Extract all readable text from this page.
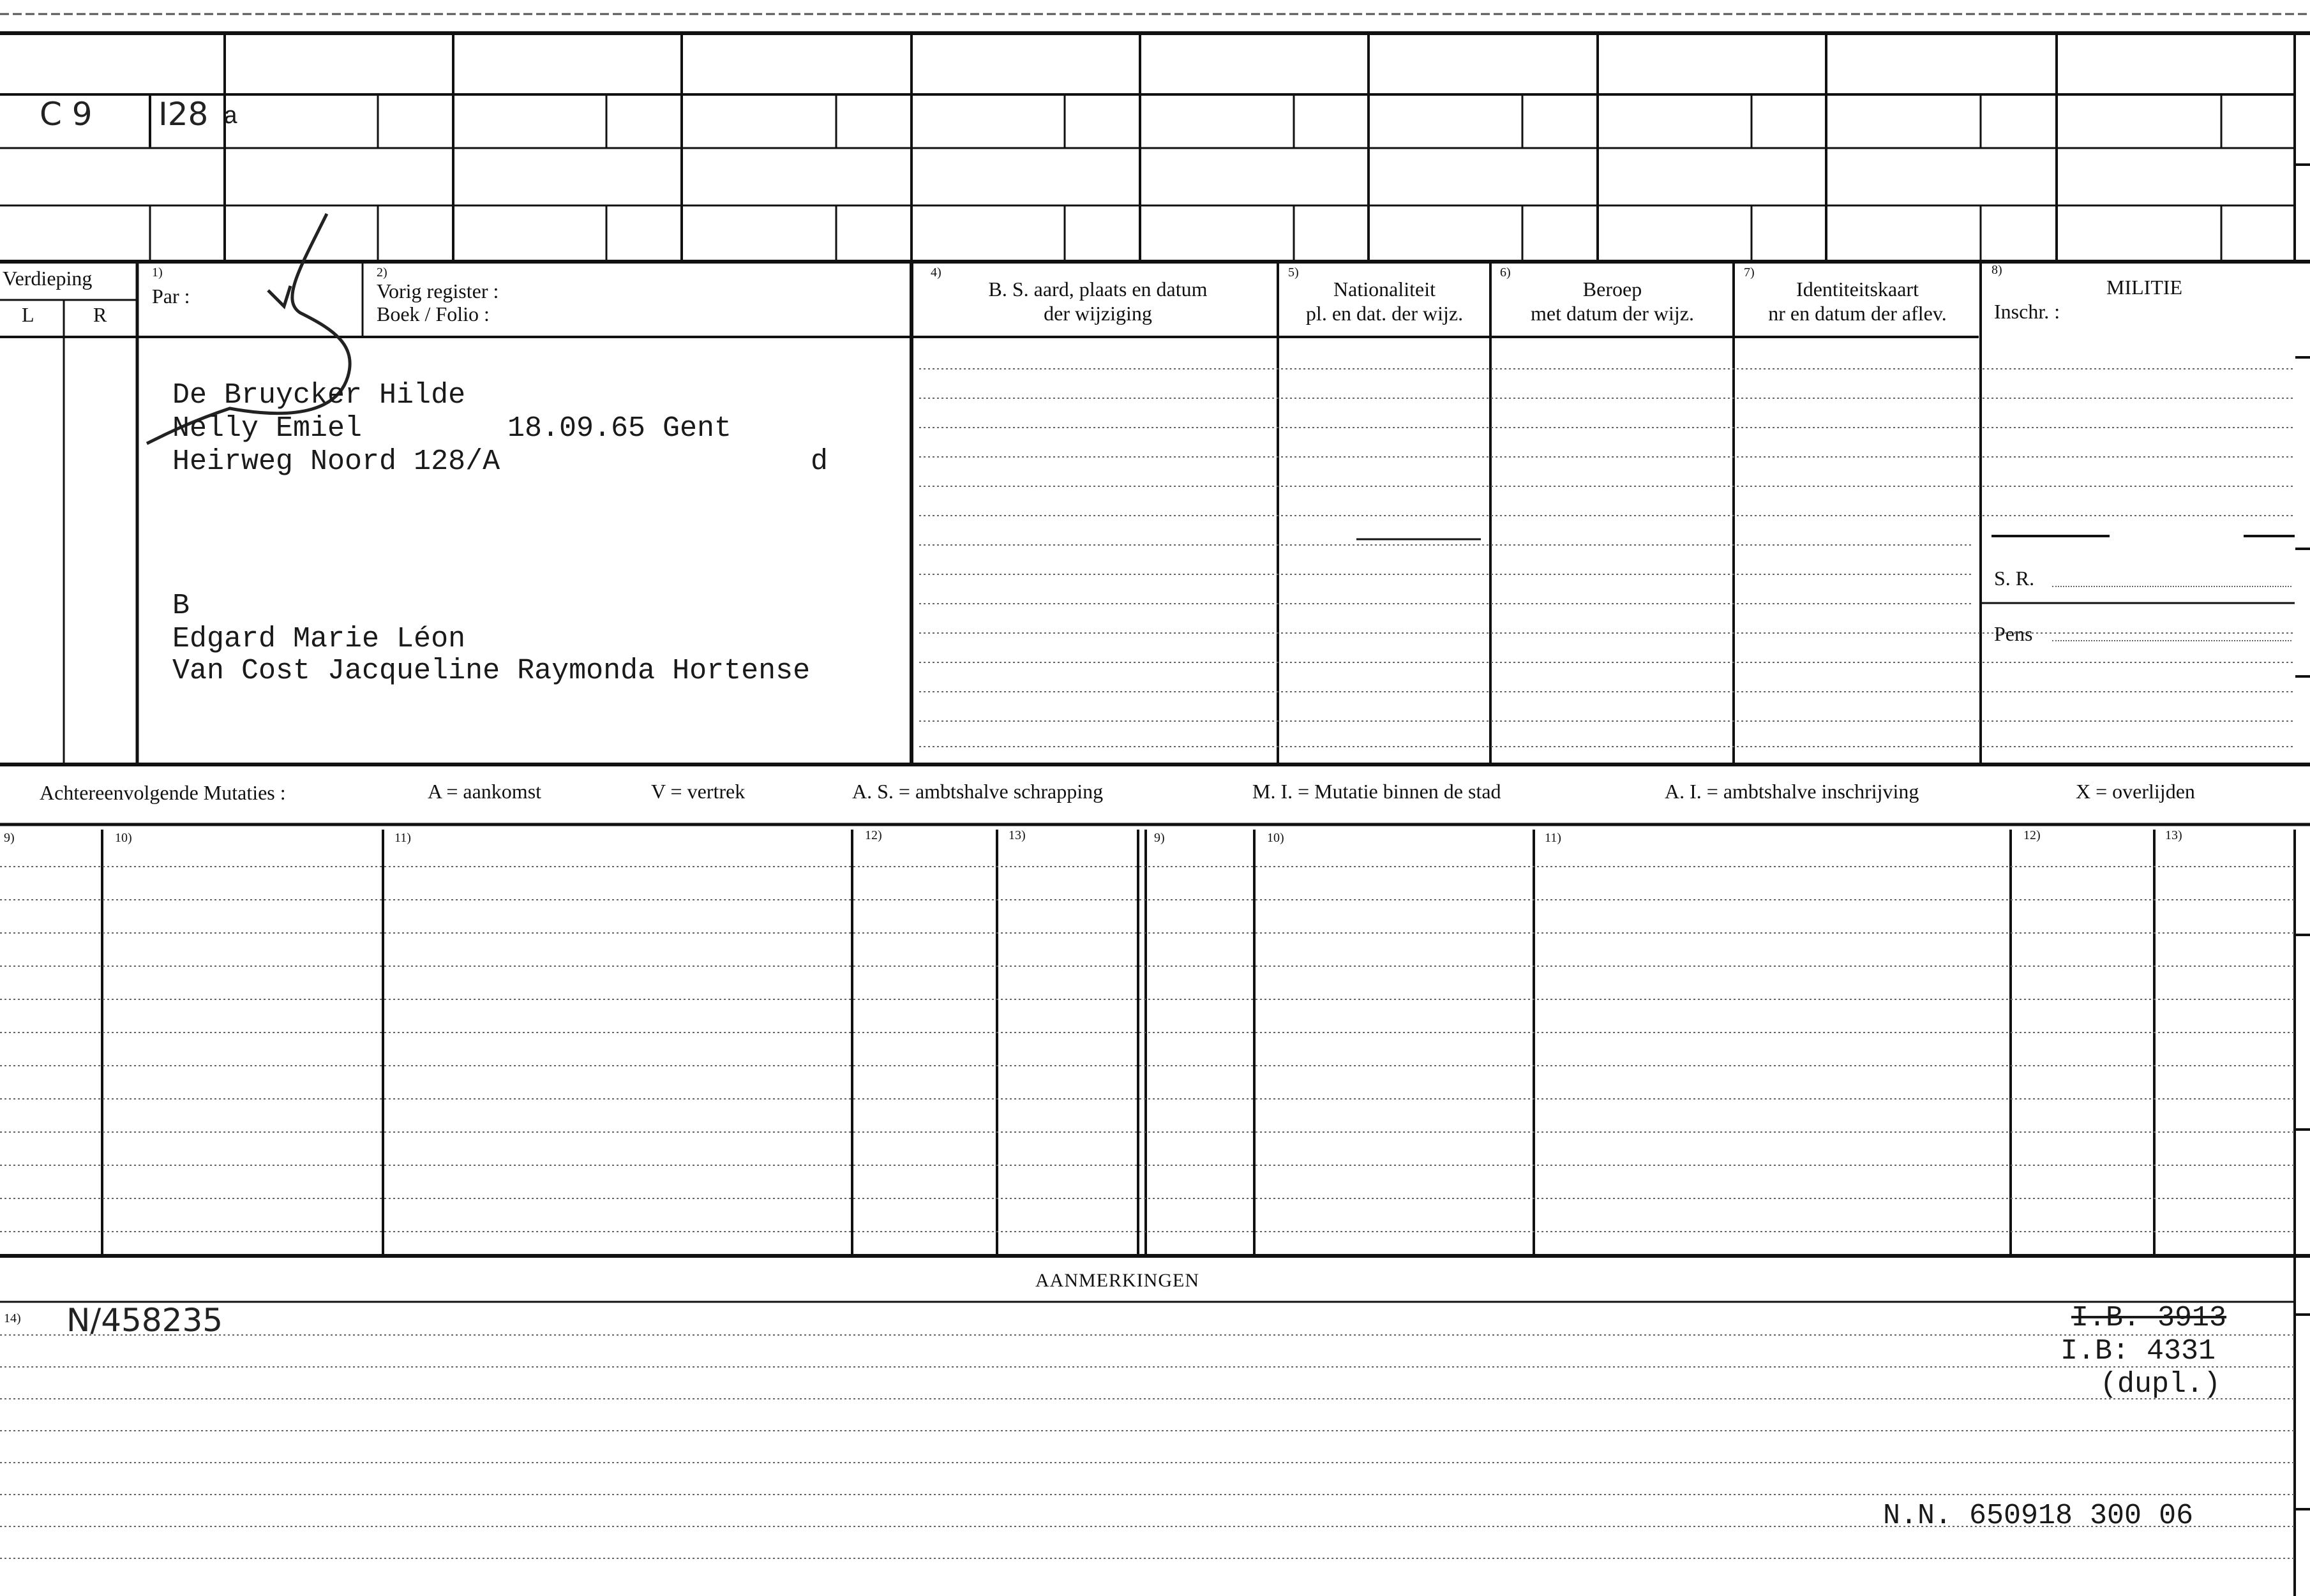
C 9 I28 a
Verdieping
L	R
1)
Par :
2)
Vorig register :
Boek / Folio :
4)
B. S. aard, plaats en datum
der wijziging
5)
Nationaliteit
pl. en dat. der wijz.
6)
Beroep
met datum der wijz.
7)
Identiteitskaart
nr en datum der aflev.
8)
MILITIE
Inschr. :
S. R.
Pens
De Bruycker Hilde
Nelly Emiel	18.09.65 Gent
Heirweg Noord 128/A	d
B
Edgard Marie Léon
Van Cost Jacqueline Raymonda Hortense
Achtereenvolgende Mutaties :	A = aankomst	V = vertrek	A. S. = ambtshalve schrapping	M. I. = Mutatie binnen de stad	A. I. = ambtshalve inschrijving	X = overlijden
9)	10)	11)	12)	13)	9)	10)	11)	12)	13)
AANMERKINGEN
14) N/458235	I.B. 3913
I.B: 4331
(dupl.)
N.N. 650918 300 06
